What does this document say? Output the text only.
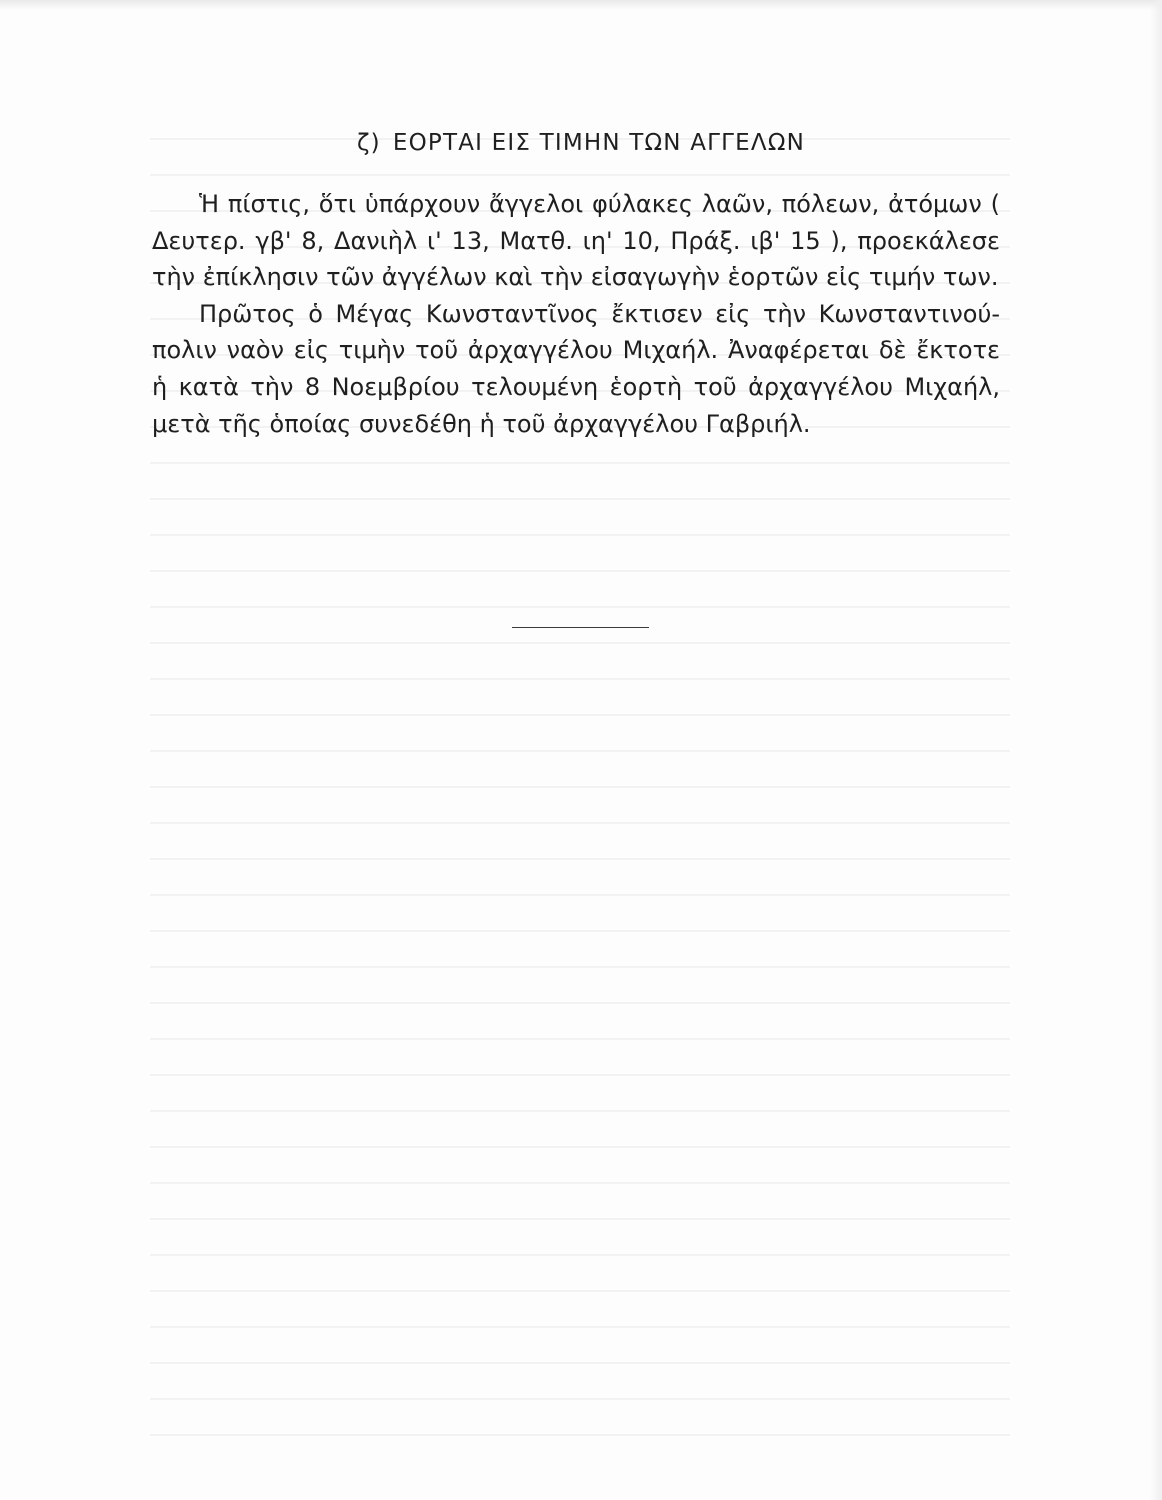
ζ) ΕΟΡΤΑΙ ΕΙΣ ΤΙΜΗΝ ΤΩΝ ΑΓΓΕΛΩΝ

Ἡ πίστις, ὅτι ὑπάρχουν ἄγγελοι φύλακες λαῶν, πόλεων, ἀτόμων ( Δευτερ. γβ' 8, Δανιὴλ ι' 13, Ματθ. ιη' 10, Πράξ. ιβ' 15 ), προεκάλεσε τὴν ἐπίκλησιν τῶν ἀγγέλων καὶ τὴν εἰσαγωγὴν ἑορτῶν εἰς τιμήν των.

Πρῶτος ὁ Μέγας Κωνσταντῖνος ἔκτισεν εἰς τὴν Κωνσταντινούπολιν ναὸν εἰς τιμὴν τοῦ ἀρχαγγέλου Μιχαήλ. Ἀναφέρεται δὲ ἔκτοτε ἡ κατὰ τὴν 8 Νοεμβρίου τελουμένη ἑορτὴ τοῦ ἀρχαγγέλου Μιχαήλ, μετὰ τῆς ὁποίας συνεδέθη ἡ τοῦ ἀρχαγγέλου Γαβριήλ.
